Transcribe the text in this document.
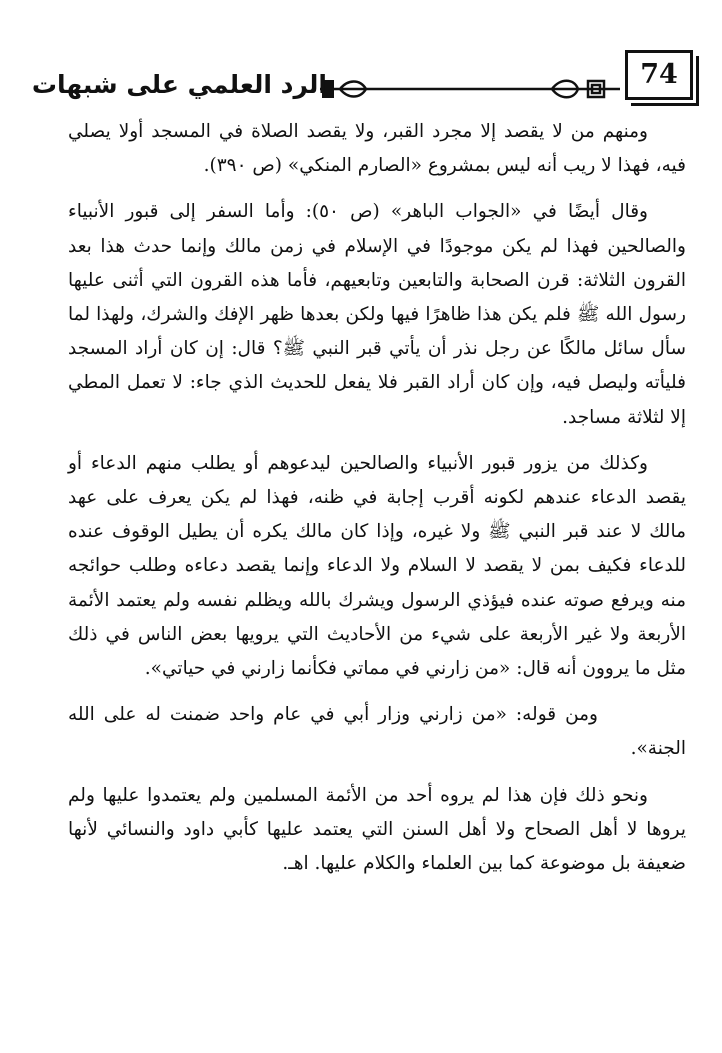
74
الرد العلمي على شبهات

ومنهم من لا يقصد إلا مجرد القبر، ولا يقصد الصلاة في المسجد أولا يصلي فيه، فهذا لا ريب أنه ليس بمشروع «الصارم المنكي» (ص ٣٩٠).

وقال أيضًا في «الجواب الباهر» (ص ٥٠): وأما السفر إلى قبور الأنبياء والصالحين فهذا لم يكن موجودًا في الإسلام في زمن مالك وإنما حدث هذا بعد القرون الثلاثة: قرن الصحابة والتابعين وتابعيهم، فأما هذه القرون التي أثنى عليها رسول الله ﷺ فلم يكن هذا ظاهرًا فيها ولكن بعدها ظهر الإفك والشرك، ولهذا لما سأل سائل مالكًا عن رجل نذر أن يأتي قبر النبي ﷺ؟ قال: إن كان أراد المسجد فليأته وليصل فيه، وإن كان أراد القبر فلا يفعل للحديث الذي جاء: لا تعمل المطي إلا لثلاثة مساجد.

وكذلك من يزور قبور الأنبياء والصالحين ليدعوهم أو يطلب منهم الدعاء أو يقصد الدعاء عندهم لكونه أقرب إجابة في ظنه، فهذا لم يكن يعرف على عهد مالك لا عند قبر النبي ﷺ ولا غيره، وإذا كان مالك يكره أن يطيل الوقوف عنده للدعاء فكيف بمن لا يقصد لا السلام ولا الدعاء وإنما يقصد دعاءه وطلب حوائجه منه ويرفع صوته عنده فيؤذي الرسول ويشرك بالله ويظلم نفسه ولم يعتمد الأئمة الأربعة ولا غير الأربعة على شيء من الأحاديث التي يرويها بعض الناس في ذلك مثل ما يروون أنه قال: «من زارني في مماتي فكأنما زارني في حياتي».

ومن قوله: «من زارني وزار أبي في عام واحد ضمنت له على الله الجنة».

ونحو ذلك فإن هذا لم يروه أحد من الأئمة المسلمين ولم يعتمدوا عليها ولم يروها لا أهل الصحاح ولا أهل السنن التي يعتمد عليها كأبي داود والنسائي لأنها ضعيفة بل موضوعة كما بين العلماء والكلام عليها. اهـ.
